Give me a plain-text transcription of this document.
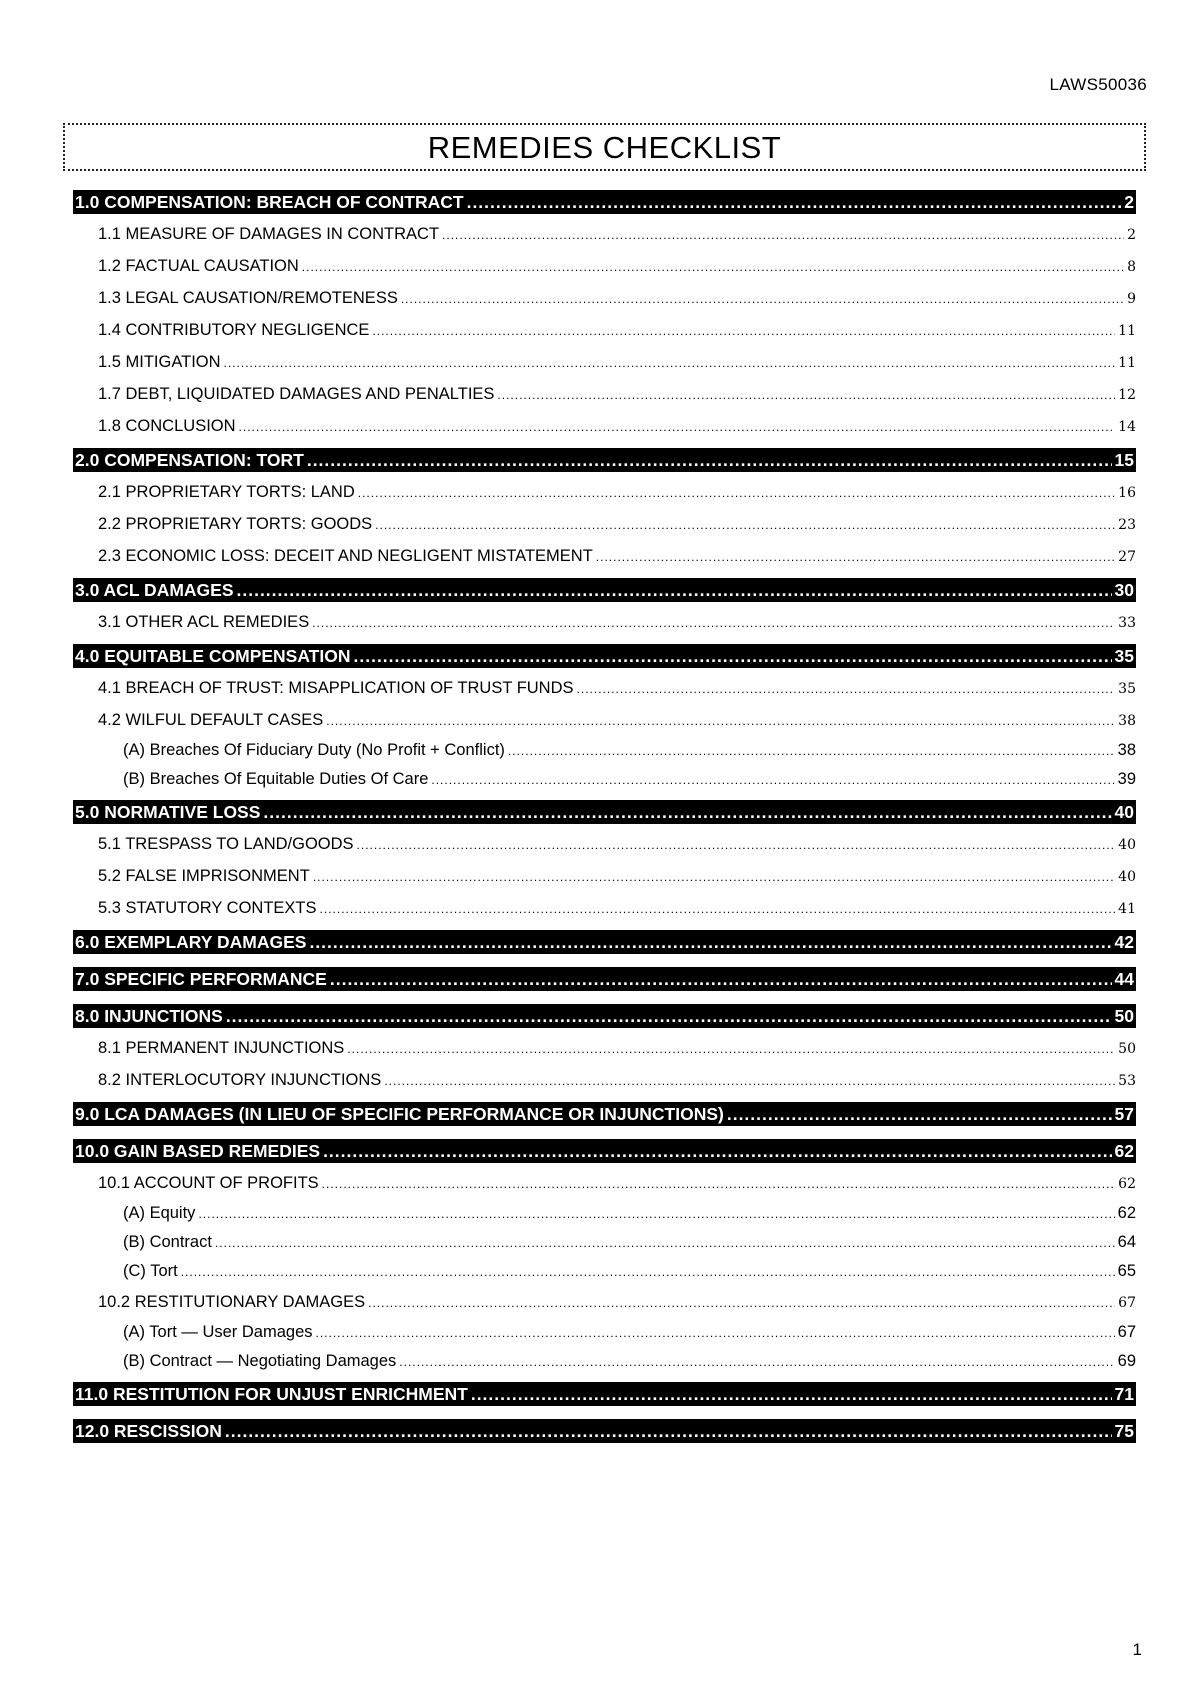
LAWS50036
REMEDIES CHECKLIST
1.0 COMPENSATION: BREACH OF CONTRACT .....	2
1.1 MEASURE OF DAMAGES IN CONTRACT .....	2
1.2 FACTUAL CAUSATION .....	8
1.3 LEGAL CAUSATION/REMOTENESS .....	9
1.4 CONTRIBUTORY NEGLIGENCE .....	11
1.5 MITIGATION .....	11
1.7 DEBT, LIQUIDATED DAMAGES AND PENALTIES .....	12
1.8 CONCLUSION .....	14
2.0 COMPENSATION: TORT .....	15
2.1 PROPRIETARY TORTS: LAND .....	16
2.2 PROPRIETARY TORTS: GOODS .....	23
2.3 ECONOMIC LOSS: DECEIT AND NEGLIGENT MISTATEMENT .....	27
3.0 ACL DAMAGES .....	30
3.1 OTHER ACL REMEDIES .....	33
4.0 EQUITABLE COMPENSATION .....	35
4.1 BREACH OF TRUST: MISAPPLICATION OF TRUST FUNDS .....	35
4.2 WILFUL DEFAULT CASES .....	38
(A) Breaches Of Fiduciary Duty (No Profit + Conflict) .....	38
(B) Breaches Of Equitable Duties Of Care .....	39
5.0 NORMATIVE LOSS .....	40
5.1 TRESPASS TO LAND/GOODS .....	40
5.2 FALSE IMPRISONMENT .....	40
5.3 STATUTORY CONTEXTS .....	41
6.0 EXEMPLARY DAMAGES .....	42
7.0 SPECIFIC PERFORMANCE .....	44
8.0 INJUNCTIONS .....	50
8.1 PERMANENT INJUNCTIONS .....	50
8.2 INTERLOCUTORY INJUNCTIONS .....	53
9.0 LCA DAMAGES (IN LIEU OF SPECIFIC PERFORMANCE OR INJUNCTIONS) .....	57
10.0 GAIN BASED REMEDIES .....	62
10.1 ACCOUNT OF PROFITS .....	62
(A) Equity .....	62
(B) Contract .....	64
(C) Tort .....	65
10.2 RESTITUTIONARY DAMAGES .....	67
(A) Tort — User Damages .....	67
(B) Contract — Negotiating Damages .....	69
11.0 RESTITUTION FOR UNJUST ENRICHMENT .....	71
12.0 RESCISSION .....	75
1
